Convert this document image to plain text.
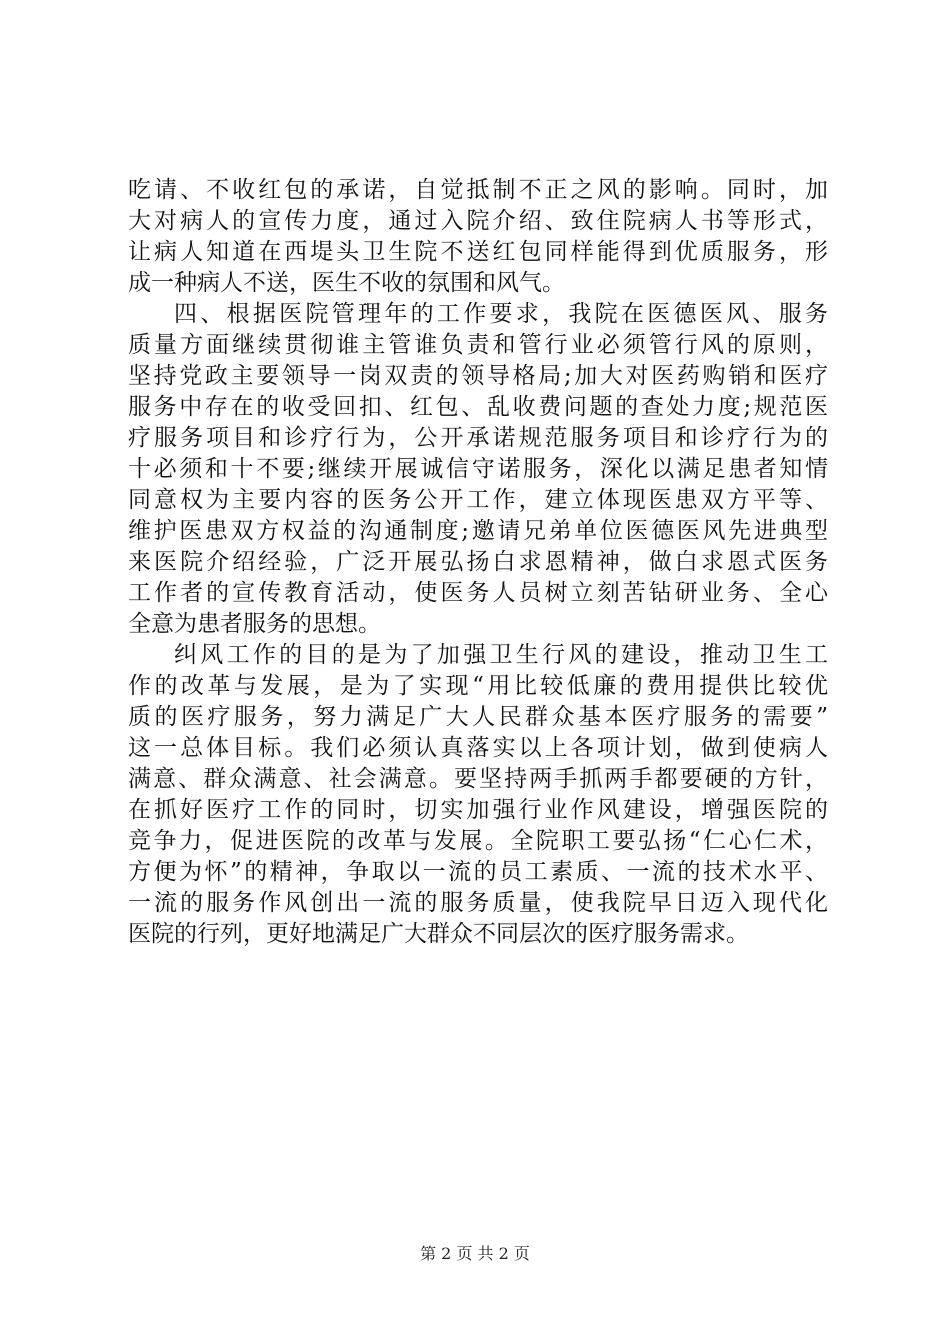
吃请、不收红包的承诺，自觉抵制不正之风的影响。同时，加
大对病人的宣传力度，通过入院介绍、致住院病人书等形式，
让病人知道在西堤头卫生院不送红包同样能得到优质服务，形
成一种病人不送，医生不收的氛围和风气。
四、根据医院管理年的工作要求，我院在医德医风、服务
质量方面继续贯彻谁主管谁负责和管行业必须管行风的原则，
坚持党政主要领导一岗双责的领导格局;加大对医药购销和医疗
服务中存在的收受回扣、红包、乱收费问题的查处力度;规范医
疗服务项目和诊疗行为，公开承诺规范服务项目和诊疗行为的
十必须和十不要;继续开展诚信守诺服务，深化以满足患者知情
同意权为主要内容的医务公开工作，建立体现医患双方平等、
维护医患双方权益的沟通制度;邀请兄弟单位医德医风先进典型
来医院介绍经验，广泛开展弘扬白求恩精神，做白求恩式医务
工作者的宣传教育活动，使医务人员树立刻苦钻研业务、全心
全意为患者服务的思想。
纠风工作的目的是为了加强卫生行风的建设，推动卫生工
作的改革与发展，是为了实现“用比较低廉的费用提供比较优
质的医疗服务，努力满足广大人民群众基本医疗服务的需要”
这一总体目标。我们必须认真落实以上各项计划，做到使病人
满意、群众满意、社会满意。要坚持两手抓两手都要硬的方针，
在抓好医疗工作的同时，切实加强行业作风建设，增强医院的
竞争力，促进医院的改革与发展。全院职工要弘扬“仁心仁术，
方便为怀”的精神，争取以一流的员工素质、一流的技术水平、
一流的服务作风创出一流的服务质量，使我院早日迈入现代化
医院的行列，更好地满足广大群众不同层次的医疗服务需求。
第 2 页 共 2 页
